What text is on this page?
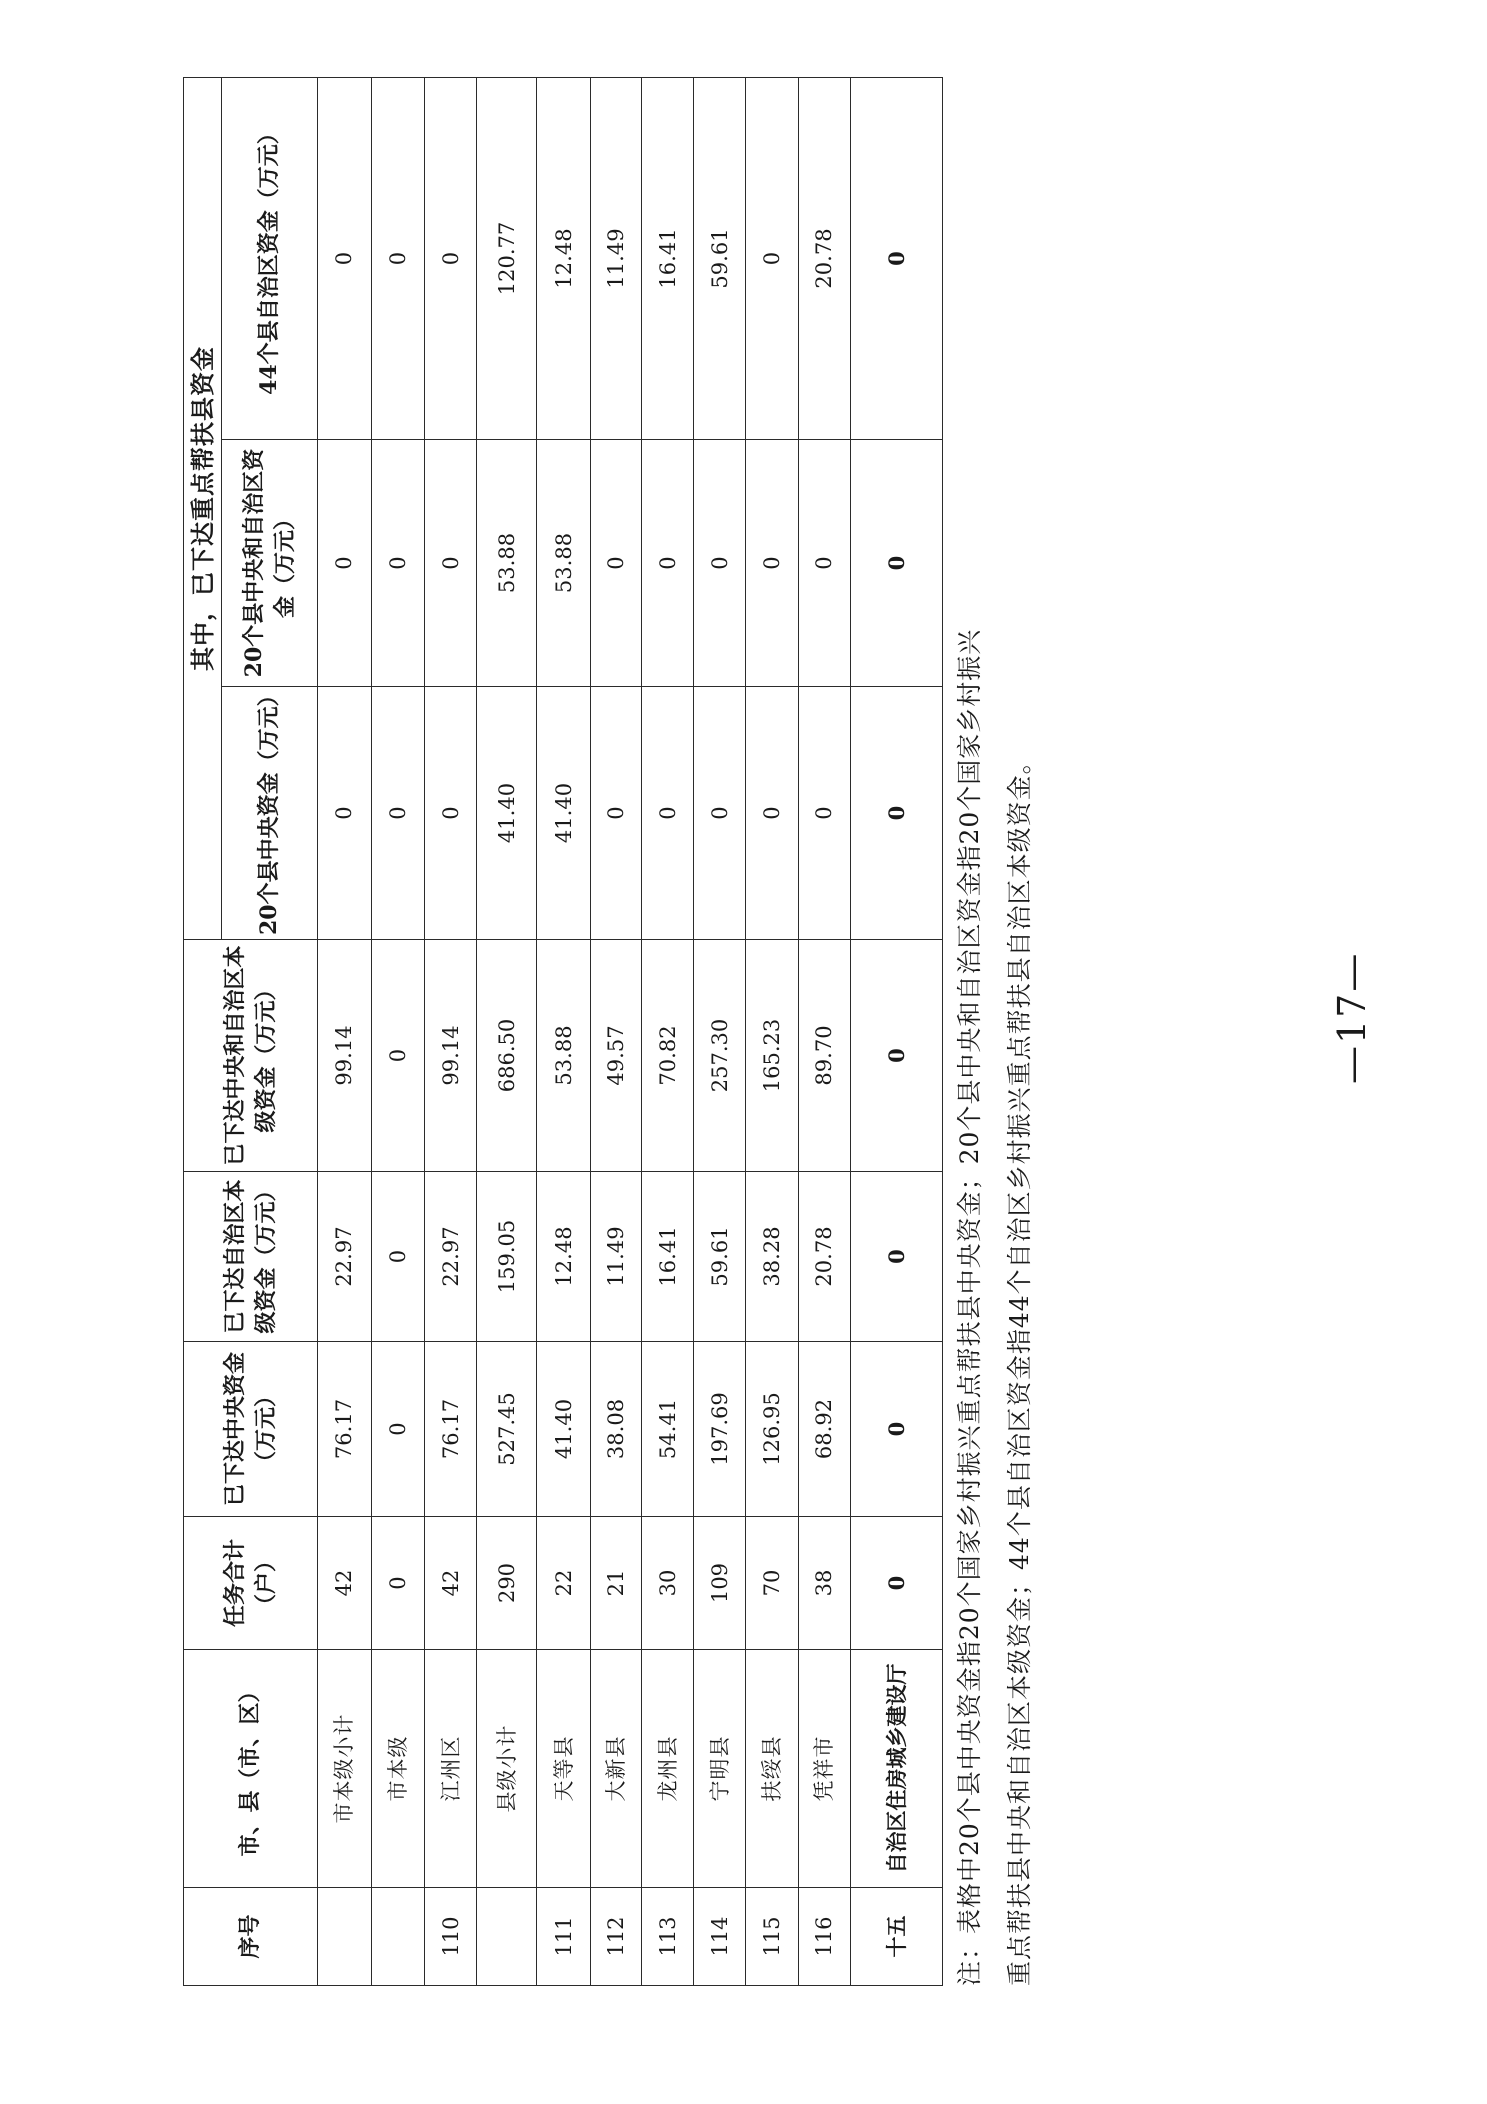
序号	市、县（市、区）	任务合计（户）	已下达中央资金（万元）	已下达自治区本级资金（万元）	已下达中央和自治区本级资金（万元）	其中，已下达重点帮扶县资金		
						20个县中央资金（万元）	20个县中央和自治区资金（万元）	44个县自治区资金（万元）
	市本级小计	42	76.17	22.97	99.14	0	0	0
	市本级	0	0	0	0	0	0	0
110	江州区	42	76.17	22.97	99.14	0	0	0
	县级小计	290	527.45	159.05	686.50	41.40	53.88	120.77
111	天等县	22	41.40	12.48	53.88	41.40	53.88	12.48
112	大新县	21	38.08	11.49	49.57	0	0	11.49
113	龙州县	30	54.41	16.41	70.82	0	0	16.41
114	宁明县	109	197.69	59.61	257.30	0	0	59.61
115	扶绥县	70	126.95	38.28	165.23	0	0	0
116	凭祥市	38	68.92	20.78	89.70	0	0	20.78
十五	自治区住房城乡建设厅	0	0	0	0	0	0	0
注：表格中20个县中央资金指20个国家乡村振兴重点帮扶县中央资金；20个县中央和自治区资金指20个国家乡村振兴 重点帮扶县中央和自治区本级资金；44个县自治区资金指44个自治区乡村振兴重点帮扶县自治区本级资金。	—17—
